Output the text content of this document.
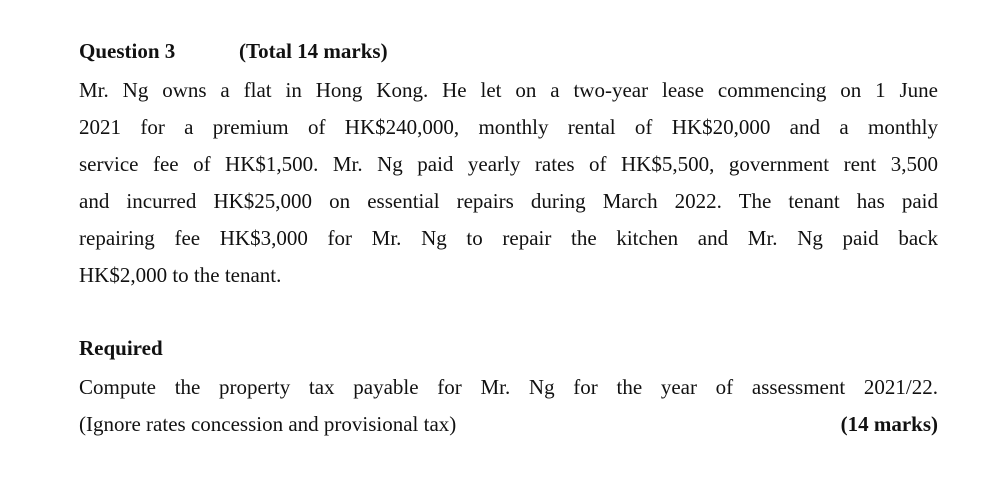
Question 3	(Total 14 marks)
Mr. Ng owns a flat in Hong Kong. He let on a two-year lease commencing on 1 June
2021 for a premium of HK$240,000, monthly rental of HK$20,000 and a monthly
service fee of HK$1,500. Mr. Ng paid yearly rates of HK$5,500, government rent 3,500
and incurred HK$25,000 on essential repairs during March 2022. The tenant has paid
repairing fee HK$3,000 for Mr. Ng to repair the kitchen and Mr. Ng paid back
HK$2,000 to the tenant.
Required
Compute the property tax payable for Mr. Ng for the year of assessment 2021/22.
(Ignore rates concession and provisional tax)	(14 marks)
